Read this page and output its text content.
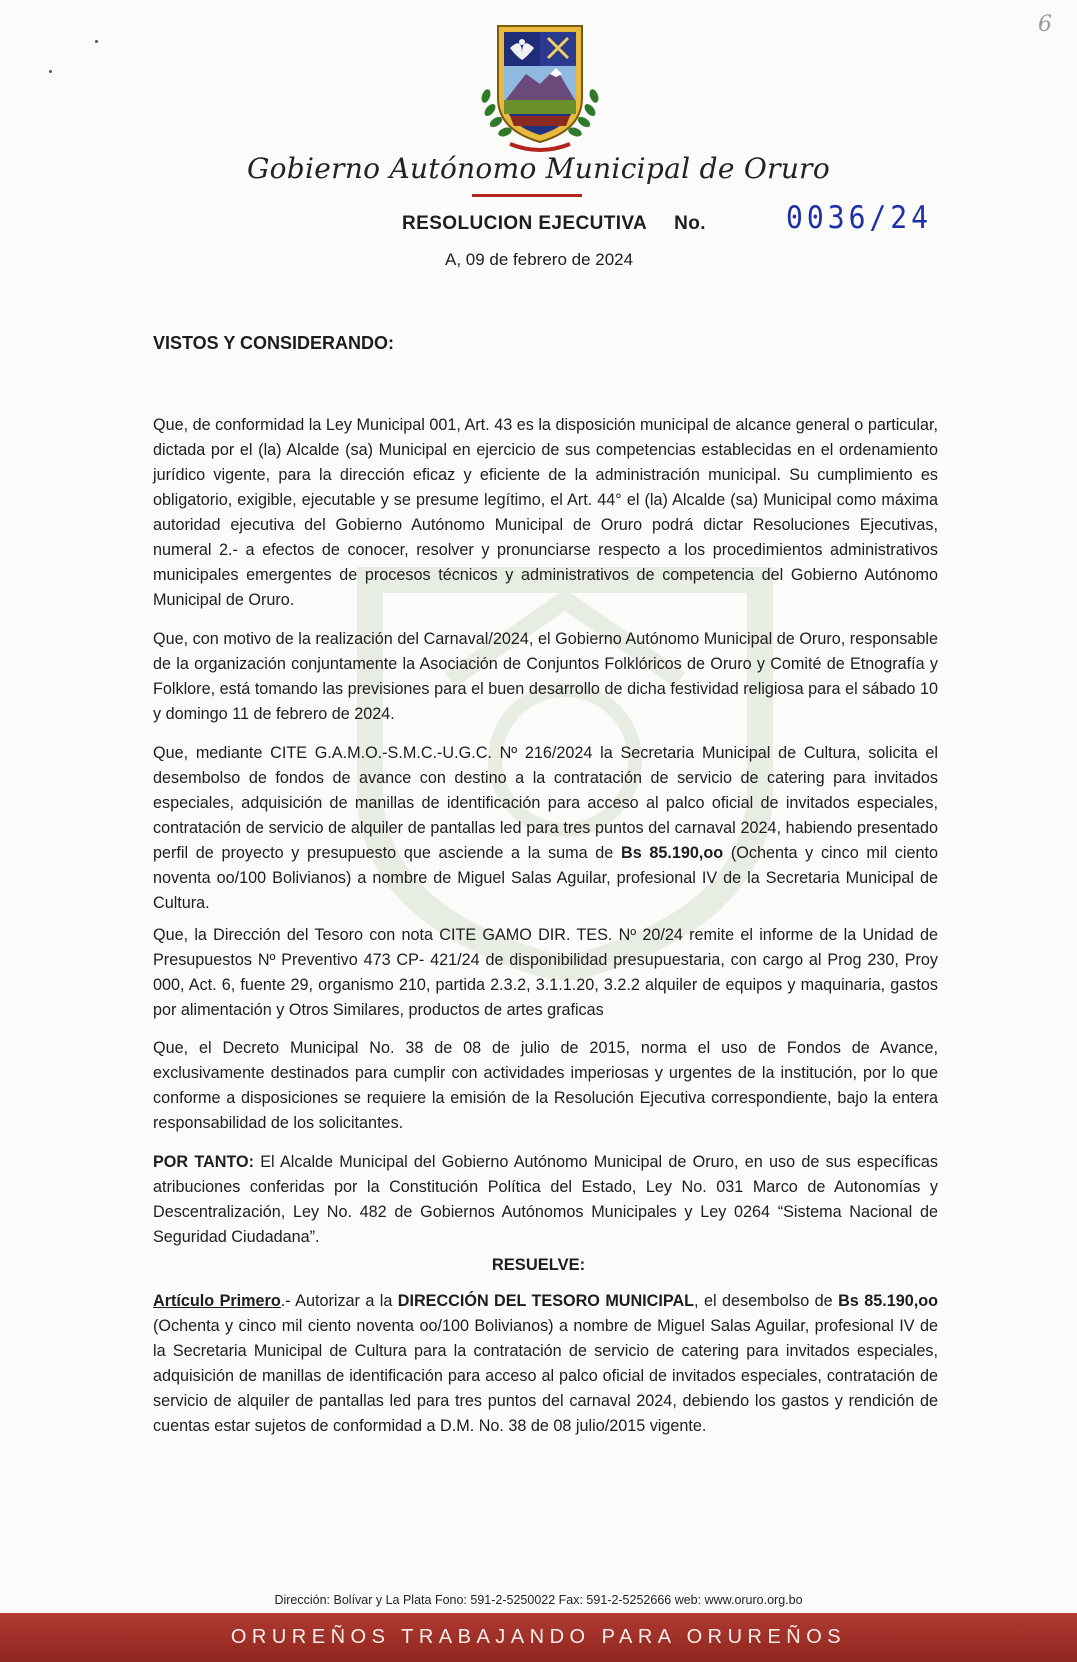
6
Gobierno Autónomo Municipal de Oruro
RESOLUCION EJECUTIVA No.	0036/24
A, 09 de febrero de 2024
VISTOS Y CONSIDERANDO:

Que, de conformidad la Ley Municipal 001, Art. 43 es la disposición municipal de alcance general o particular, dictada por el (la) Alcalde (sa) Municipal en ejercicio de sus competencias establecidas en el ordenamiento jurídico vigente, para la dirección eficaz y eficiente de la administración municipal. Su cumplimiento es obligatorio, exigible, ejecutable y se presume legítimo, el Art. 44° el (la) Alcalde (sa) Municipal como máxima autoridad ejecutiva del Gobierno Autónomo Municipal de Oruro podrá dictar Resoluciones Ejecutivas, numeral 2.- a efectos de conocer, resolver y pronunciarse respecto a los procedimientos administrativos municipales emergentes de procesos técnicos y administrativos de competencia del Gobierno Autónomo Municipal de Oruro.

Que, con motivo de la realización del Carnaval/2024, el Gobierno Autónomo Municipal de Oruro, responsable de la organización conjuntamente la Asociación de Conjuntos Folklóricos de Oruro y Comité de Etnografía y Folklore, está tomando las previsiones para el buen desarrollo de dicha festividad religiosa para el sábado 10 y domingo 11 de febrero de 2024.

Que, mediante CITE G.A.M.O.-S.M.C.-U.G.C. Nº 216/2024 la Secretaria Municipal de Cultura, solicita el desembolso de fondos de avance con destino a la contratación de servicio de catering para invitados especiales, adquisición de manillas de identificación para acceso al palco oficial de invitados especiales, contratación de servicio de alquiler de pantallas led para tres puntos del carnaval 2024, habiendo presentado perfil de proyecto y presupuesto que asciende a la suma de Bs 85.190,oo (Ochenta y cinco mil ciento noventa oo/100 Bolivianos) a nombre de Miguel Salas Aguilar, profesional IV de la Secretaria Municipal de Cultura.

Que, la Dirección del Tesoro con nota CITE GAMO DIR. TES. Nº 20/24 remite el informe de la Unidad de Presupuestos Nº Preventivo 473 CP- 421/24 de disponibilidad presupuestaria, con cargo al Prog 230, Proy 000, Act. 6, fuente 29, organismo 210, partida 2.3.2, 3.1.1.20, 3.2.2 alquiler de equipos y maquinaria, gastos por alimentación y Otros Similares, productos de artes graficas

Que, el Decreto Municipal No. 38 de 08 de julio de 2015, norma el uso de Fondos de Avance, exclusivamente destinados para cumplir con actividades imperiosas y urgentes de la institución, por lo que conforme a disposiciones se requiere la emisión de la Resolución Ejecutiva correspondiente, bajo la entera responsabilidad de los solicitantes.

POR TANTO: El Alcalde Municipal del Gobierno Autónomo Municipal de Oruro, en uso de sus específicas atribuciones conferidas por la Constitución Política del Estado, Ley No. 031 Marco de Autonomías y Descentralización, Ley No. 482 de Gobiernos Autónomos Municipales y Ley 0264 “Sistema Nacional de Seguridad Ciudadana”.

RESUELVE:

Artículo Primero.- Autorizar a la DIRECCIÓN DEL TESORO MUNICIPAL, el desembolso de Bs 85.190,oo (Ochenta y cinco mil ciento noventa oo/100 Bolivianos) a nombre de Miguel Salas Aguilar, profesional IV de la Secretaria Municipal de Cultura para la contratación de servicio de catering para invitados especiales, adquisición de manillas de identificación para acceso al palco oficial de invitados especiales, contratación de servicio de alquiler de pantallas led para tres puntos del carnaval 2024, debiendo los gastos y rendición de cuentas estar sujetos de conformidad a D.M. No. 38 de 08 julio/2015 vigente.

Dirección: Bolívar y La Plata Fono: 591-2-5250022 Fax: 591-2-5252666 web: www.oruro.org.bo
ORUREÑOS TRABAJANDO PARA ORUREÑOS
